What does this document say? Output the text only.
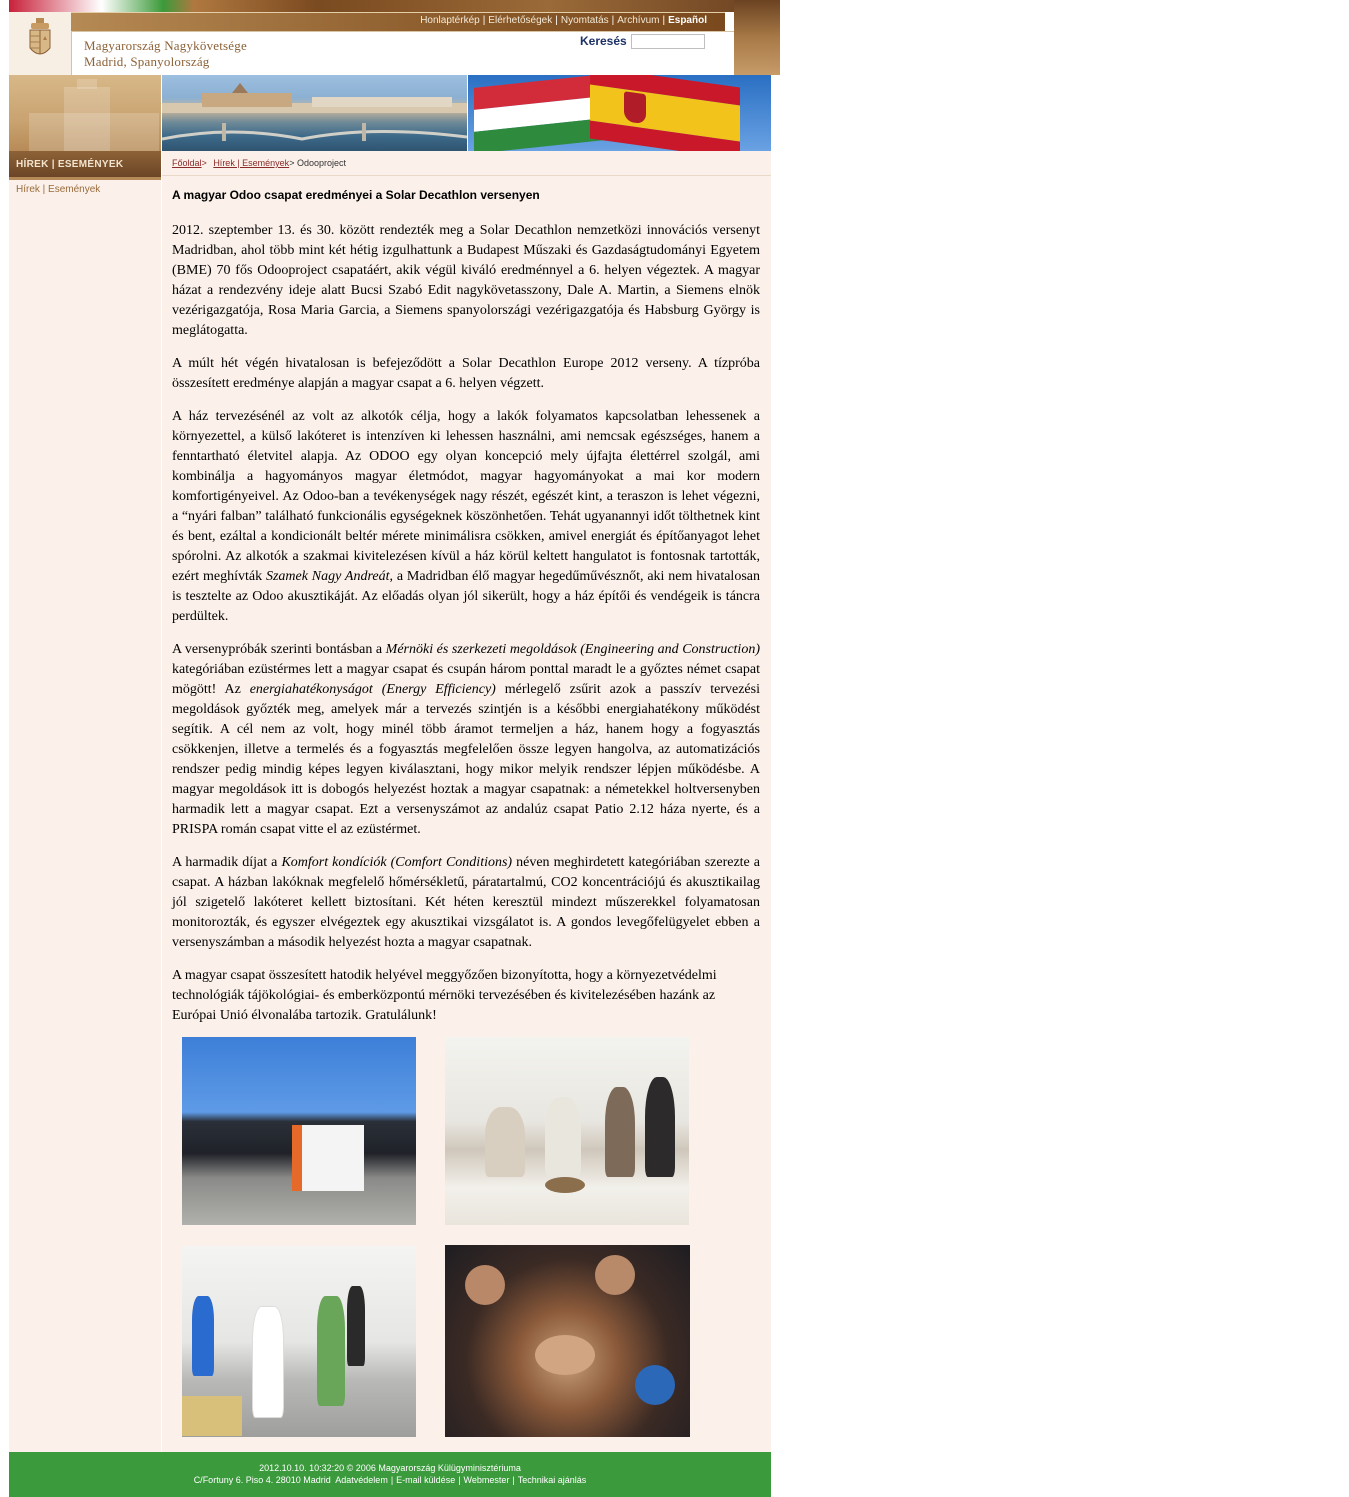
Honlaptérkép | Elérhetőségek | Nyomtatás | Archívum | Español
Magyarország Nagykövetsége
Madrid, Spanyolország
Keresés
HÍREK | ESEMÉNYEK
Hírek | Események
Főoldal> Hírek | Események> Odooproject
A magyar Odoo csapat eredményei a Solar Decathlon versenyen

2012. szeptember 13. és 30. között rendezték meg a Solar Decathlon nemzetközi innovációs versenyt Madridban, ahol több mint két hétig izgulhattunk a Budapest Műszaki és Gazdaságtudományi Egyetem (BME) 70 fős Odooproject csapatáért, akik végül kiváló eredménnyel a 6. helyen végeztek. A magyar házat a rendezvény ideje alatt Bucsi Szabó Edit nagykövetasszony, Dale A. Martin, a Siemens elnök vezérigazgatója, Rosa Maria Garcia, a Siemens spanyolországi vezérigazgatója és Habsburg György is meglátogatta.

A múlt hét végén hivatalosan is befejeződött a Solar Decathlon Europe 2012 verseny. A tízpróba összesített eredménye alapján a magyar csapat a 6. helyen végzett.

A ház tervezésénél az volt az alkotók célja, hogy a lakók folyamatos kapcsolatban lehessenek a környezettel, a külső lakóteret is intenzíven ki lehessen használni, ami nemcsak egészséges, hanem a fenntartható életvitel alapja. Az ODOO egy olyan koncepció mely újfajta élettérrel szolgál, ami kombinálja a hagyományos magyar életmódot, magyar hagyományokat a mai kor modern komfortigényeivel. Az Odoo-ban a tevékenységek nagy részét, egészét kint, a teraszon is lehet végezni, a “nyári falban” található funkcionális egységeknek köszönhetően. Tehát ugyanannyi időt tölthetnek kint és bent, ezáltal a kondicionált beltér mérete minimálisra csökken, amivel energiát és építőanyagot lehet spórolni. Az alkotók a szakmai kivitelezésen kívül a ház körül keltett hangulatot is fontosnak tartották, ezért meghívták Szamek Nagy Andreát, a Madridban élő magyar hegedűművésznőt, aki nem hivatalosan is tesztelte az Odoo akusztikáját. Az előadás olyan jól sikerült, hogy a ház építői és vendégeik is táncra perdültek.

A versenypróbák szerinti bontásban a Mérnöki és szerkezeti megoldások (Engineering and Construction) kategóriában ezüstérmes lett a magyar csapat és csupán három ponttal maradt le a győztes német csapat mögött! Az energiahatékonyságot (Energy Efficiency) mérlegelő zsűrit azok a passzív tervezési megoldások győzték meg, amelyek már a tervezés szintjén is a későbbi energiahatékony működést segítik. A cél nem az volt, hogy minél több áramot termeljen a ház, hanem hogy a fogyasztás csökkenjen, illetve a termelés és a fogyasztás megfelelően össze legyen hangolva, az automatizációs rendszer pedig mindig képes legyen kiválasztani, hogy mikor melyik rendszer lépjen működésbe. A magyar megoldások itt is dobogós helyezést hoztak a magyar csapatnak: a németekkel holtversenyben harmadik lett a magyar csapat. Ezt a versenyszámot az andalúz csapat Patio 2.12 háza nyerte, és a PRISPA román csapat vitte el az ezüstérmet.

A harmadik díjat a Komfort kondíciók (Comfort Conditions) néven meghirdetett kategóriában szerezte a csapat. A házban lakóknak megfelelő hőmérsékletű, páratartalmú, CO2 koncentrációjú és akusztikailag jól szigetelő lakóteret kellett biztosítani. Két héten keresztül mindezt műszerekkel folyamatosan monitorozták, és egyszer elvégeztek egy akusztikai vizsgálatot is. A gondos levegőfelügyelet ebben a versenyszámban a második helyezést hozta a magyar csapatnak.

A magyar csapat összesített hatodik helyével meggyőzően bizonyította, hogy a környezetvédelmi technológiák tájökológiai- és emberközpontú mérnöki tervezésében és kivitelezésében hazánk az Európai Unió élvonalába tartozik. Gratulálunk!

2012.10.10. 10:32:20 © 2006 Magyarország Külügyminisztériuma
C/Fortuny 6. Piso 4. 28010 Madrid Adatvédelem | E-mail küldése | Webmester | Technikai ajánlás
